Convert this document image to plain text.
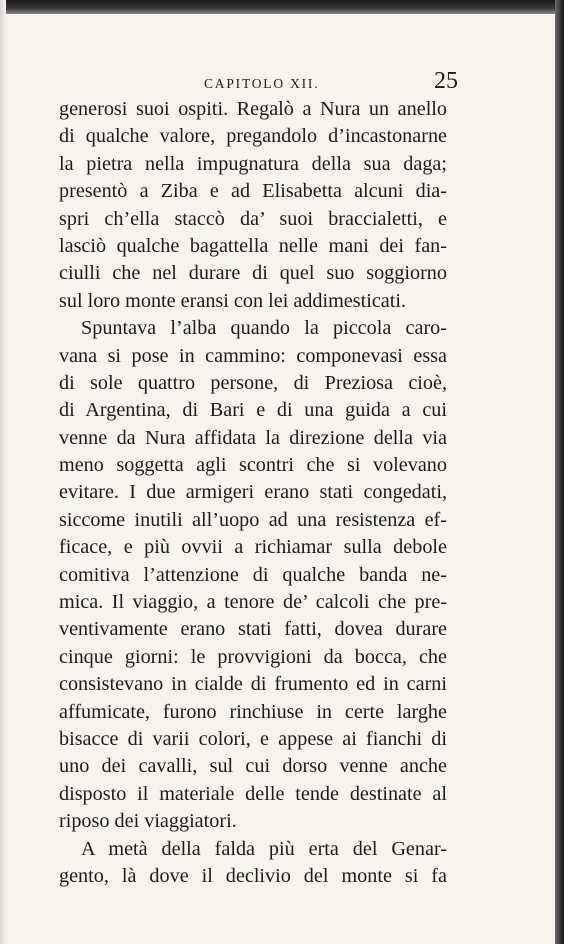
CAPITOLO XII.	25
generosi suoi ospiti. Regalò a Nura un anello
di qualche valore, pregandolo d’incastonarne
la pietra nella impugnatura della sua daga;
presentò a Ziba e ad Elisabetta alcuni dia-
spri ch’ella staccò da’ suoi braccialetti, e
lasciò qualche bagattella nelle mani dei fan-
ciulli che nel durare di quel suo soggiorno
sul loro monte eransi con lei addimesticati.
Spuntava l’alba quando la piccola caro-
vana si pose in cammino: componevasi essa
di sole quattro persone, di Preziosa cioè,
di Argentina, di Bari e di una guida a cui
venne da Nura affidata la direzione della via
meno soggetta agli scontri che si volevano
evitare. I due armigeri erano stati congedati,
siccome inutili all’uopo ad una resistenza ef-
ficace, e più ovvii a richiamar sulla debole
comitiva l’attenzione di qualche banda ne-
mica. Il viaggio, a tenore de’ calcoli che pre-
ventivamente erano stati fatti, dovea durare
cinque giorni: le provvigioni da bocca, che
consistevano in cialde di frumento ed in carni
affumicate, furono rinchiuse in certe larghe
bisacce di varii colori, e appese ai fianchi di
uno dei cavalli, sul cui dorso venne anche
disposto il materiale delle tende destinate al
riposo dei viaggiatori.
A metà della falda più erta del Genar-
gento, là dove il declivio del monte si fa
